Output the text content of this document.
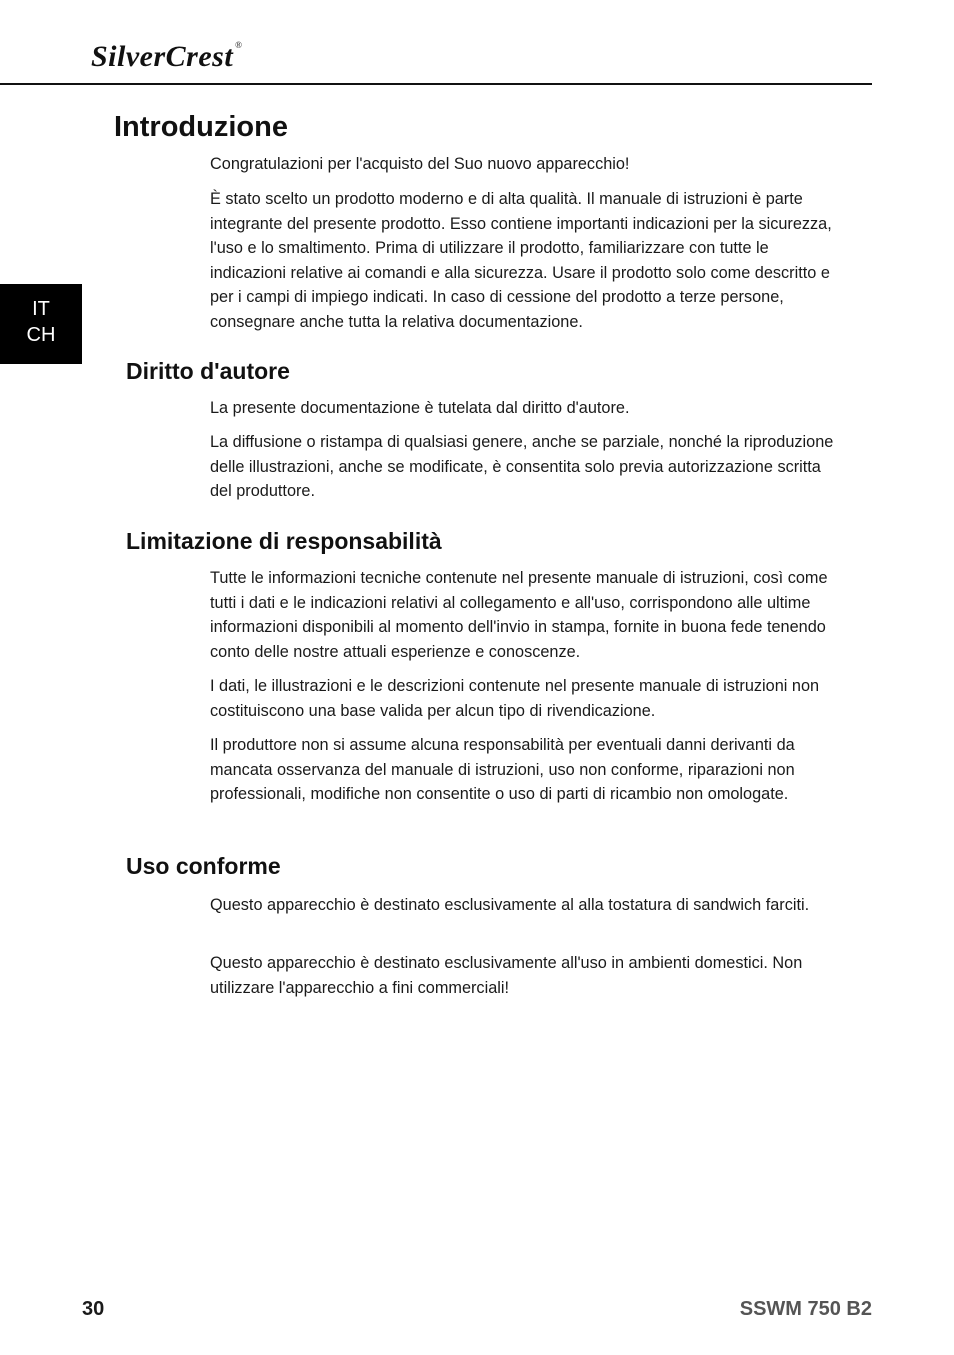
SilverCrest ®
IT
CH
Introduzione

Congratulazioni per l'acquisto del Suo nuovo apparecchio!

È stato scelto un prodotto moderno e di alta qualità. Il manuale di istruzioni è parte integrante del presente prodotto. Esso contiene importanti indicazioni per la sicurezza, l'uso e lo smaltimento. Prima di utilizzare il prodotto, familiarizzare con tutte le indicazioni relative ai comandi e alla sicurezza. Usare il prodotto solo come descritto e per i campi di impiego indicati. In caso di cessione del prodotto a terze persone, consegnare anche tutta la relativa documentazione.

Diritto d'autore

La presente documentazione è tutelata dal diritto d'autore.

La diffusione o ristampa di qualsiasi genere, anche se parziale, nonché la riproduzione delle illustrazioni, anche se modificate, è consentita solo previa autorizzazione scritta del produttore.

Limitazione di responsabilità

Tutte le informazioni tecniche contenute nel presente manuale di istruzioni, così come tutti i dati e le indicazioni relativi al collegamento e all'uso, corrispondono alle ultime informazioni disponibili al momento dell'invio in stampa, fornite in buona fede tenendo conto delle nostre attuali esperienze e conoscenze.

I dati, le illustrazioni e le descrizioni contenute nel presente manuale di istruzioni non costituiscono una base valida per alcun tipo di rivendicazione.

Il produttore non si assume alcuna responsabilità per eventuali danni derivanti da mancata osservanza del manuale di istruzioni, uso non conforme, riparazioni non professionali, modifiche non consentite o uso di parti di ricambio non omologate.

Uso conforme

Questo apparecchio è destinato esclusivamente al alla tostatura di sandwich farciti.

Questo apparecchio è destinato esclusivamente all'uso in ambienti domestici. Non utilizzare l'apparecchio a fini commerciali!

30	SSWM 750 B2
